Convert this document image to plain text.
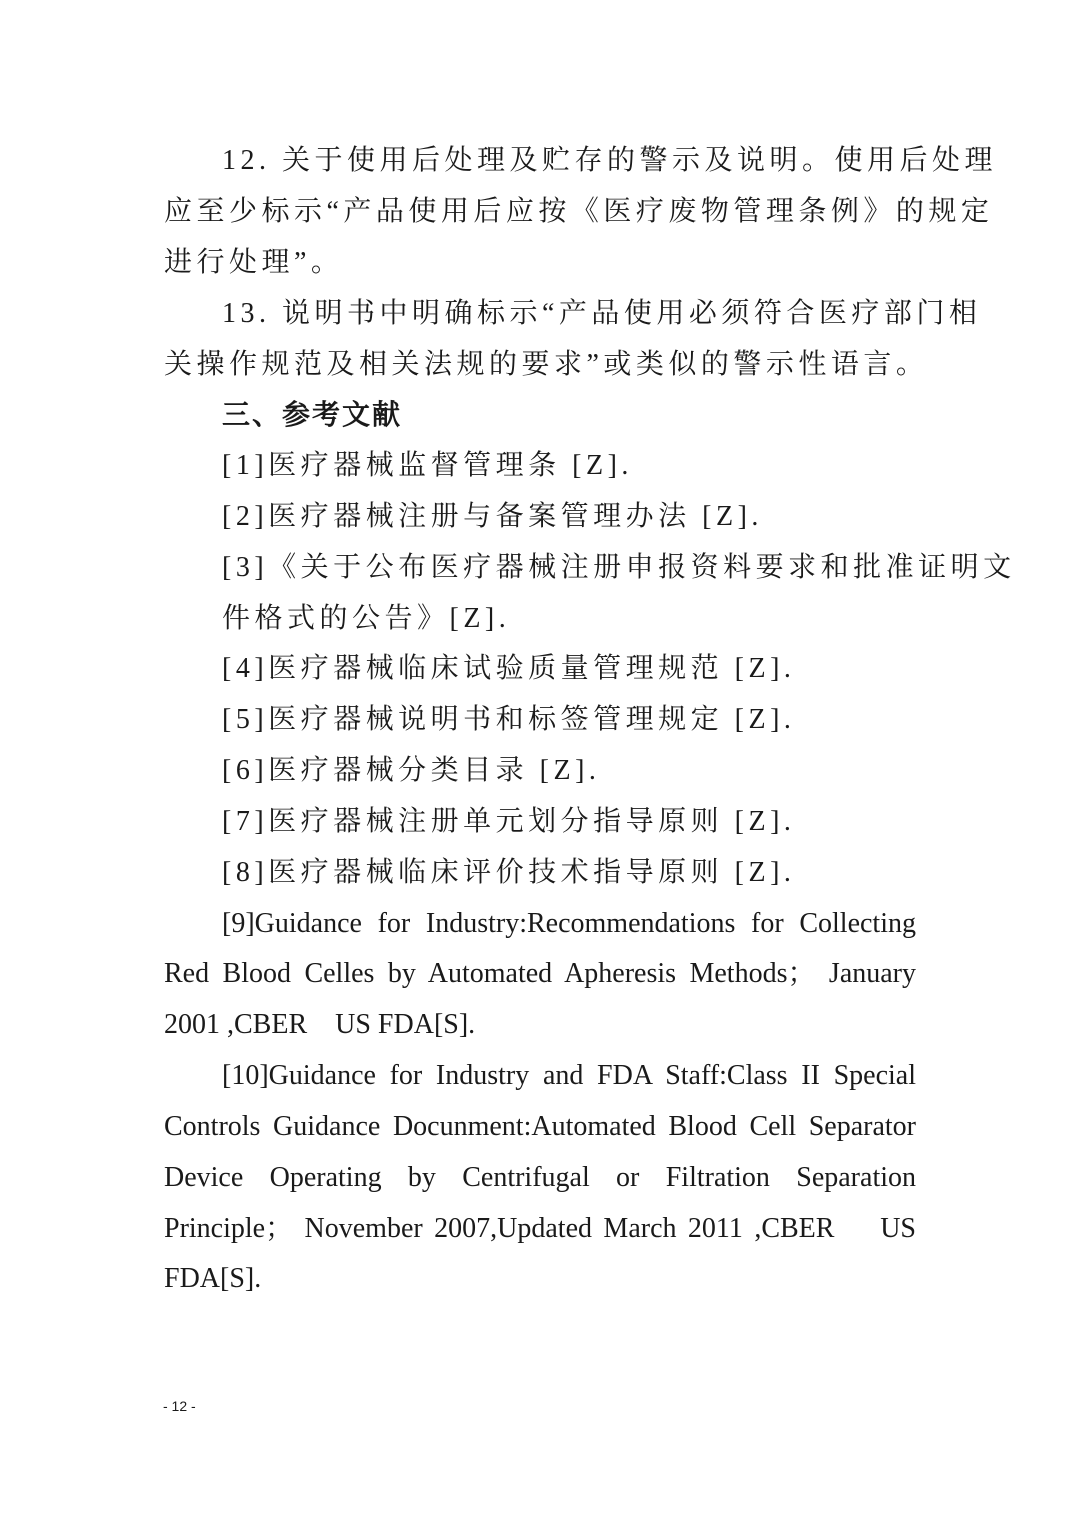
12. 关于使用后处理及贮存的警示及说明。使用后处理
应至少标示“产品使用后应按《医疗废物管理条例》的规定
进行处理”。
13. 说明书中明确标示“产品使用必须符合医疗部门相
关操作规范及相关法规的要求”或类似的警示性语言。
三、参考文献
[1]医疗器械监督管理条 [Z].
[2]医疗器械注册与备案管理办法 [Z].
[3]《关于公布医疗器械注册申报资料要求和批准证明文
件格式的公告》[Z].
[4]医疗器械临床试验质量管理规范 [Z].
[5]医疗器械说明书和标签管理规定 [Z].
[6]医疗器械分类目录 [Z].
[7]医疗器械注册单元划分指导原则 [Z].
[8]医疗器械临床评价技术指导原则 [Z].
[9]Guidance for Industry:Recommendations for Collecting
Red Blood Celles by Automated Apheresis Methods； January
2001 ,CBER    US FDA[S].
[10]Guidance for Industry and FDA Staff:Class II Special
Controls Guidance Docunment:Automated Blood Cell Separator
Device Operating by Centrifugal or Filtration Separation
Principle； November 2007,Updated March 2011 ,CBER    US
FDA[S].
- 12 -
